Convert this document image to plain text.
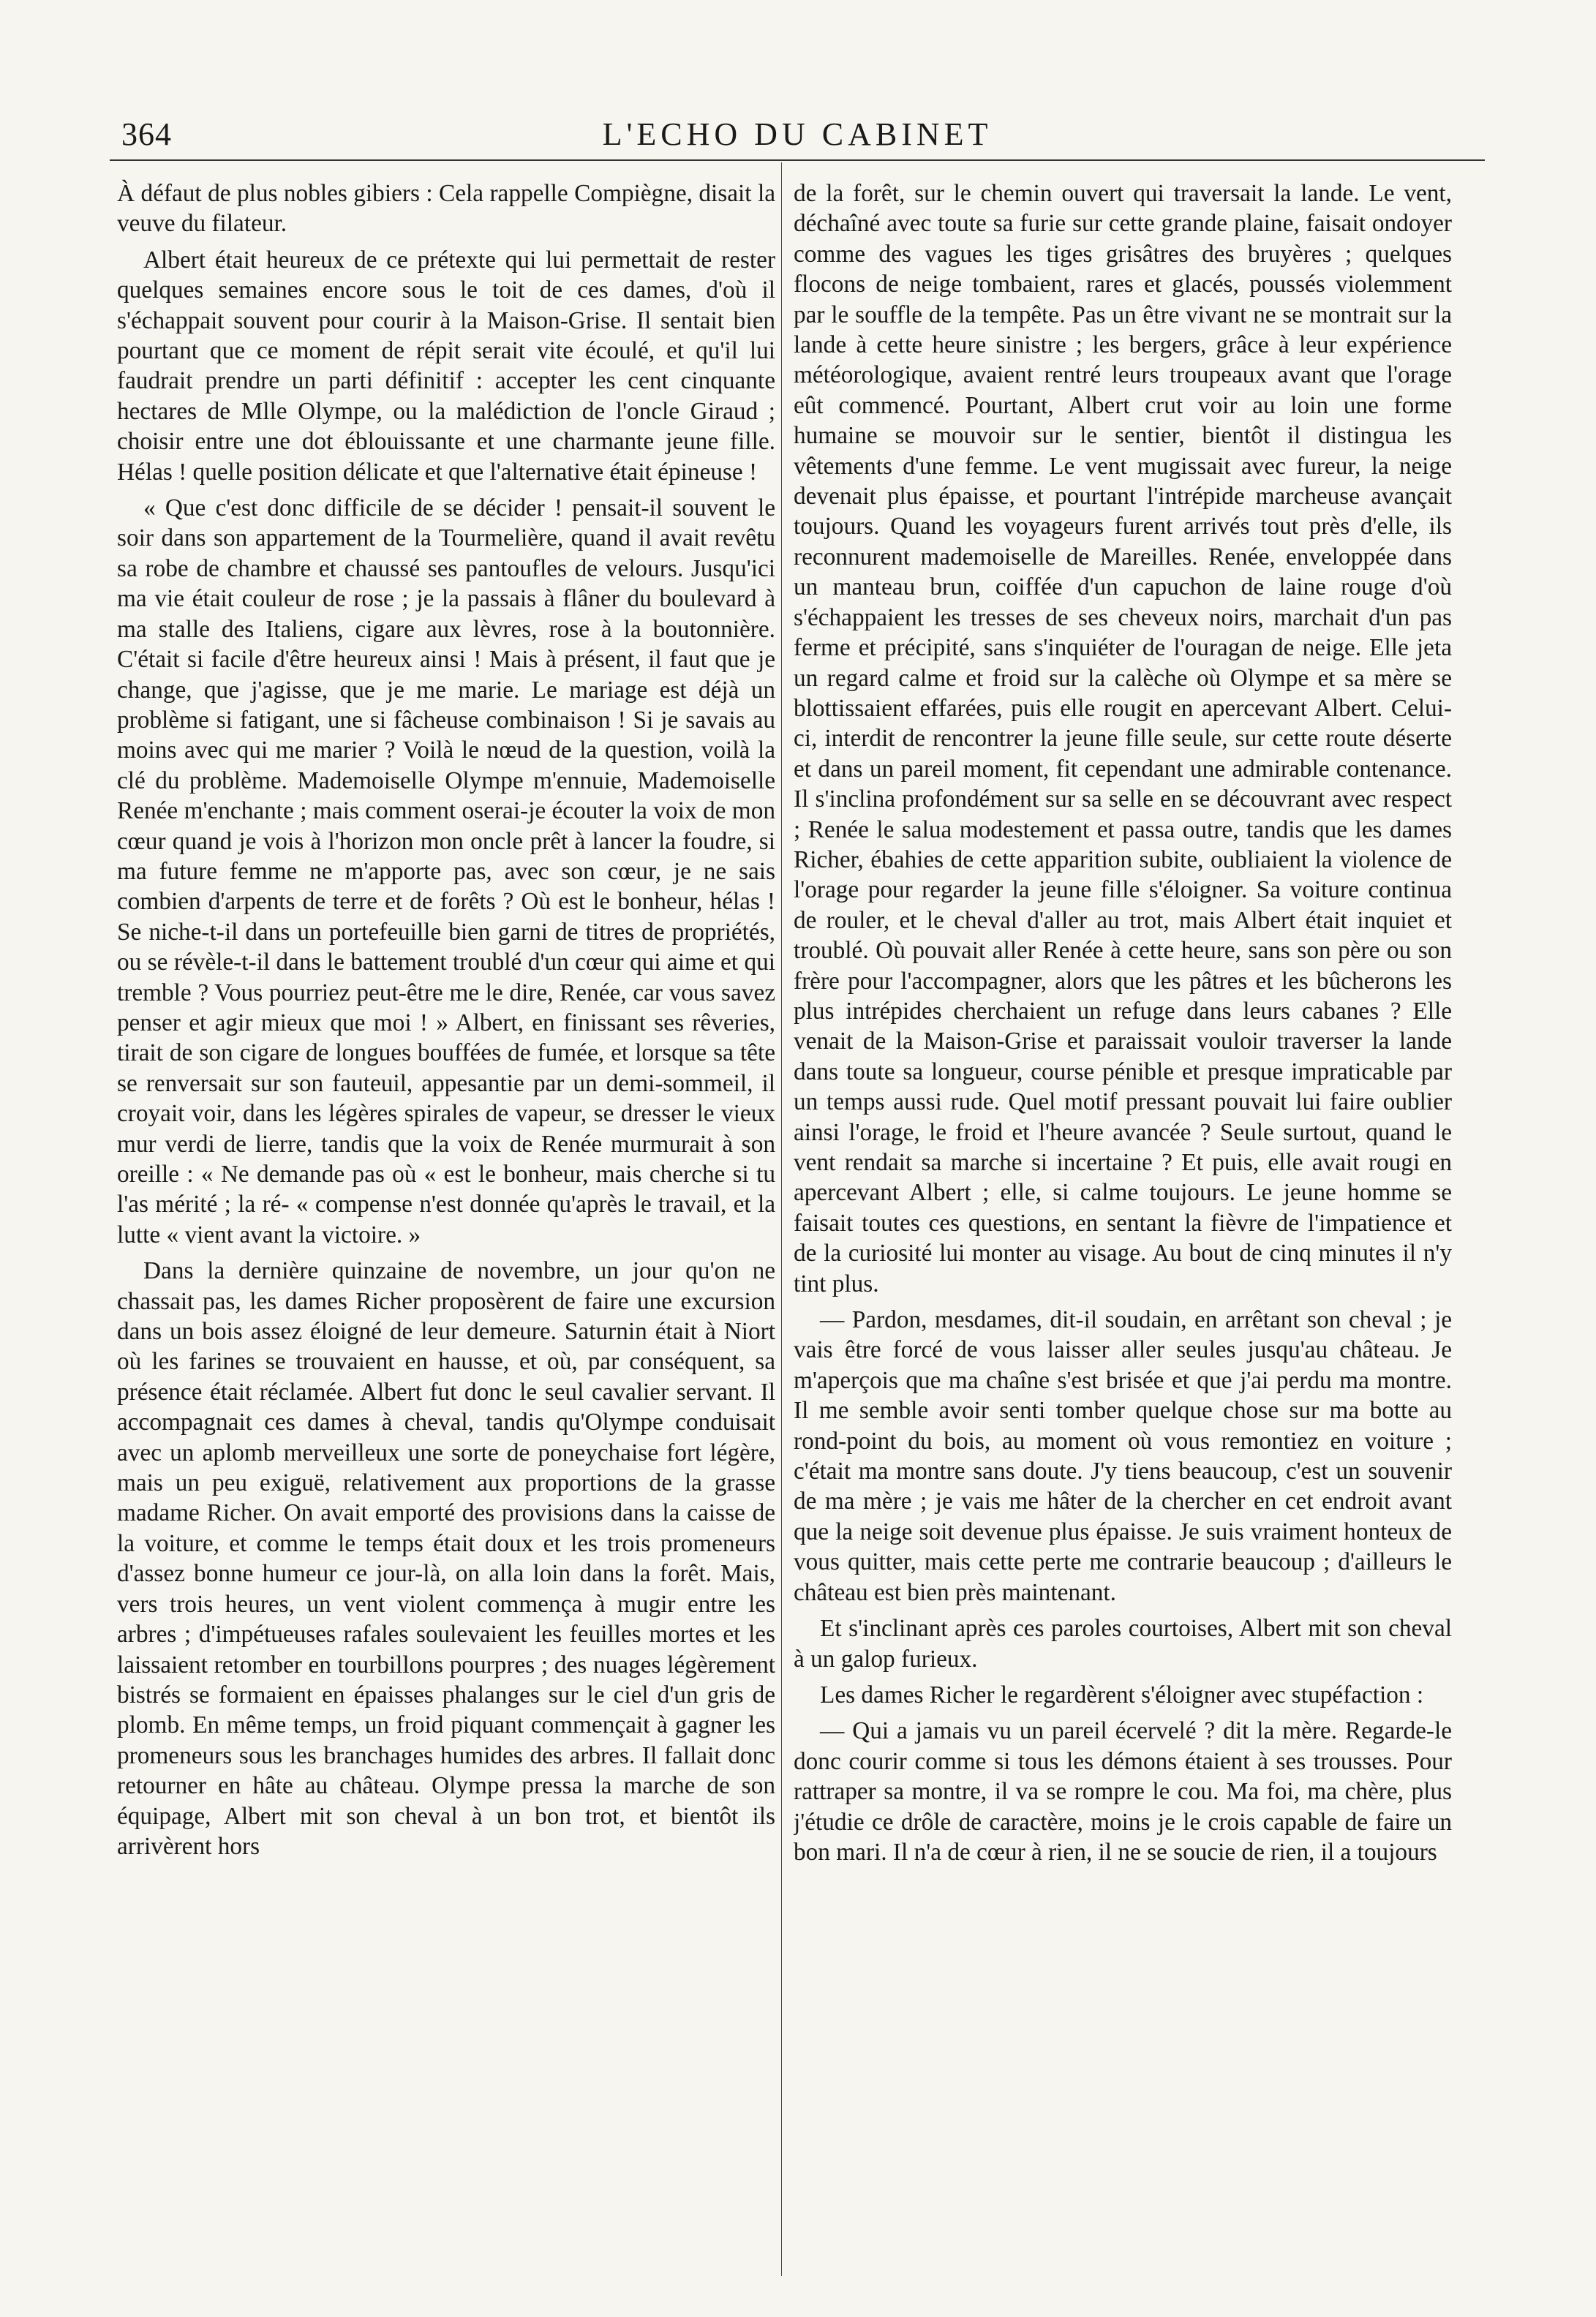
364	L'ECHO DU CABINET

À défaut de plus nobles gibiers : Cela rappelle Compiègne, disait la veuve du filateur.

Albert était heureux de ce prétexte qui lui permettait de rester quelques semaines encore sous le toit de ces dames, d'où il s'échappait souvent pour courir à la Maison-Grise. Il sentait bien pourtant que ce moment de répit serait vite écoulé, et qu'il lui faudrait prendre un parti définitif : accepter les cent cinquante hectares de Mlle Olympe, ou la malédiction de l'oncle Giraud ; choisir entre une dot éblouissante et une charmante jeune fille. Hélas ! quelle position délicate et que l'alternative était épineuse !

« Que c'est donc difficile de se décider ! pensait-il souvent le soir dans son appartement de la Tourmelière, quand il avait revêtu sa robe de chambre et chaussé ses pantoufles de velours. Jusqu'ici ma vie était couleur de rose ; je la passais à flâner du boulevard à ma stalle des Italiens, cigare aux lèvres, rose à la boutonnière. C'était si facile d'être heureux ainsi ! Mais à présent, il faut que je change, que j'agisse, que je me marie. Le mariage est déjà un problème si fatigant, une si fâcheuse combinaison ! Si je savais au moins avec qui me marier ? Voilà le nœud de la question, voilà la clé du problème. Mademoiselle Olympe m'ennuie, Mademoiselle Renée m'enchante ; mais comment oserai-je écouter la voix de mon cœur quand je vois à l'horizon mon oncle prêt à lancer la foudre, si ma future femme ne m'apporte pas, avec son cœur, je ne sais combien d'arpents de terre et de forêts ? Où est le bonheur, hélas ! Se niche-t-il dans un portefeuille bien garni de titres de propriétés, ou se révèle-t-il dans le battement troublé d'un cœur qui aime et qui tremble ? Vous pourriez peut-être me le dire, Renée, car vous savez penser et agir mieux que moi ! » Albert, en finissant ses rêveries, tirait de son cigare de longues bouffées de fumée, et lorsque sa tête se renversait sur son fauteuil, appesantie par un demi-sommeil, il croyait voir, dans les légères spirales de vapeur, se dresser le vieux mur verdi de lierre, tandis que la voix de Renée murmurait à son oreille : « Ne demande pas où « est le bonheur, mais cherche si tu l'as mérité ; la ré- « compense n'est donnée qu'après le travail, et la lutte « vient avant la victoire. »

Dans la dernière quinzaine de novembre, un jour qu'on ne chassait pas, les dames Richer proposèrent de faire une excursion dans un bois assez éloigné de leur demeure. Saturnin était à Niort où les farines se trouvaient en hausse, et où, par conséquent, sa présence était réclamée. Albert fut donc le seul cavalier servant. Il accompagnait ces dames à cheval, tandis qu'Olympe conduisait avec un aplomb merveilleux une sorte de poneychaise fort légère, mais un peu exiguë, relativement aux proportions de la grasse madame Richer. On avait emporté des provisions dans la caisse de la voiture, et comme le temps était doux et les trois promeneurs d'assez bonne humeur ce jour-là, on alla loin dans la forêt. Mais, vers trois heures, un vent violent commença à mugir entre les arbres ; d'impétueuses rafales soulevaient les feuilles mortes et les laissaient retomber en tourbillons pourpres ; des nuages légèrement bistrés se formaient en épaisses phalanges sur le ciel d'un gris de plomb. En même temps, un froid piquant commençait à gagner les promeneurs sous les branchages humides des arbres. Il fallait donc retourner en hâte au château. Olympe pressa la marche de son équipage, Albert mit son cheval à un bon trot, et bientôt ils arrivèrent hors

de la forêt, sur le chemin ouvert qui traversait la lande. Le vent, déchaîné avec toute sa furie sur cette grande plaine, faisait ondoyer comme des vagues les tiges grisâtres des bruyères ; quelques flocons de neige tombaient, rares et glacés, poussés violemment par le souffle de la tempête. Pas un être vivant ne se montrait sur la lande à cette heure sinistre ; les bergers, grâce à leur expérience météorologique, avaient rentré leurs troupeaux avant que l'orage eût commencé. Pourtant, Albert crut voir au loin une forme humaine se mouvoir sur le sentier, bientôt il distingua les vêtements d'une femme. Le vent mugissait avec fureur, la neige devenait plus épaisse, et pourtant l'intrépide marcheuse avançait toujours. Quand les voyageurs furent arrivés tout près d'elle, ils reconnurent mademoiselle de Mareilles. Renée, enveloppée dans un manteau brun, coiffée d'un capuchon de laine rouge d'où s'échappaient les tresses de ses cheveux noirs, marchait d'un pas ferme et précipité, sans s'inquiéter de l'ouragan de neige. Elle jeta un regard calme et froid sur la calèche où Olympe et sa mère se blottissaient effarées, puis elle rougit en apercevant Albert. Celui-ci, interdit de rencontrer la jeune fille seule, sur cette route déserte et dans un pareil moment, fit cependant une admirable contenance. Il s'inclina profondément sur sa selle en se découvrant avec respect ; Renée le salua modestement et passa outre, tandis que les dames Richer, ébahies de cette apparition subite, oubliaient la violence de l'orage pour regarder la jeune fille s'éloigner. Sa voiture continua de rouler, et le cheval d'aller au trot, mais Albert était inquiet et troublé. Où pouvait aller Renée à cette heure, sans son père ou son frère pour l'accompagner, alors que les pâtres et les bûcherons les plus intrépides cherchaient un refuge dans leurs cabanes ? Elle venait de la Maison-Grise et paraissait vouloir traverser la lande dans toute sa longueur, course pénible et presque impraticable par un temps aussi rude. Quel motif pressant pouvait lui faire oublier ainsi l'orage, le froid et l'heure avancée ? Seule surtout, quand le vent rendait sa marche si incertaine ? Et puis, elle avait rougi en apercevant Albert ; elle, si calme toujours. Le jeune homme se faisait toutes ces questions, en sentant la fièvre de l'impatience et de la curiosité lui monter au visage. Au bout de cinq minutes il n'y tint plus.

— Pardon, mesdames, dit-il soudain, en arrêtant son cheval ; je vais être forcé de vous laisser aller seules jusqu'au château. Je m'aperçois que ma chaîne s'est brisée et que j'ai perdu ma montre. Il me semble avoir senti tomber quelque chose sur ma botte au rond-point du bois, au moment où vous remontiez en voiture ; c'était ma montre sans doute. J'y tiens beaucoup, c'est un souvenir de ma mère ; je vais me hâter de la chercher en cet endroit avant que la neige soit devenue plus épaisse. Je suis vraiment honteux de vous quitter, mais cette perte me contrarie beaucoup ; d'ailleurs le château est bien près maintenant.

Et s'inclinant après ces paroles courtoises, Albert mit son cheval à un galop furieux.

Les dames Richer le regardèrent s'éloigner avec stupéfaction :

— Qui a jamais vu un pareil écervelé ? dit la mère. Regarde-le donc courir comme si tous les démons étaient à ses trousses. Pour rattraper sa montre, il va se rompre le cou. Ma foi, ma chère, plus j'étudie ce drôle de caractère, moins je le crois capable de faire un bon mari. Il n'a de cœur à rien, il ne se soucie de rien, il a toujours
